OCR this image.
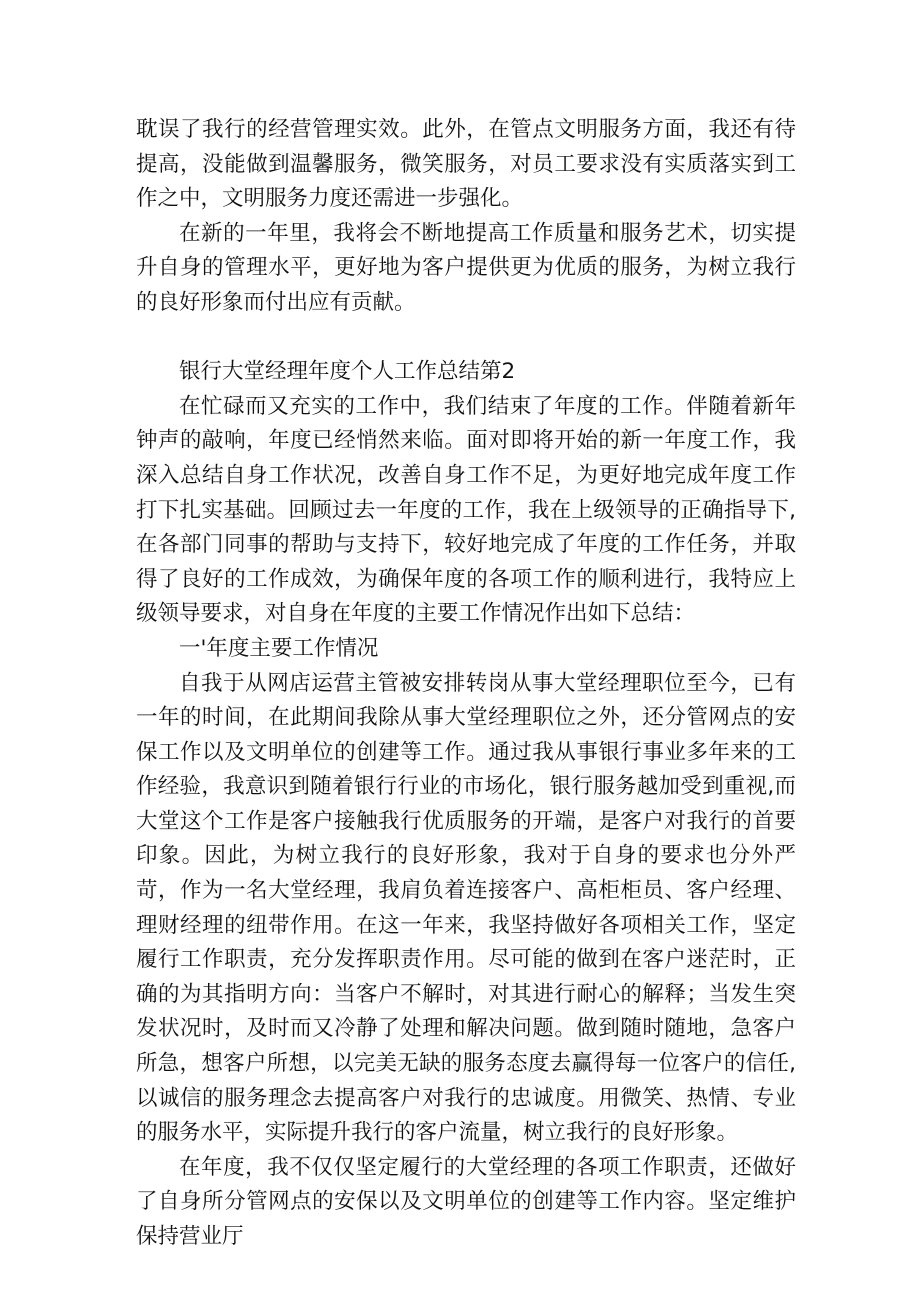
耽误了我行的经营管理实效。此外，在管点文明服务方面，我还有待提高，没能做到温馨服务，微笑服务，对员工要求没有实质落实到工作之中，文明服务力度还需进一步强化。

在新的一年里，我将会不断地提高工作质量和服务艺术，切实提升自身的管理水平，更好地为客户提供更为优质的服务，为树立我行的良好形象而付出应有贡献。

银行大堂经理年度个人工作总结第2

在忙碌而又充实的工作中，我们结束了年度的工作。伴随着新年钟声的敲响，年度已经悄然来临。面对即将开始的新一年度工作，我深入总结自身工作状况，改善自身工作不足，为更好地完成年度工作打下扎实基础。回顾过去一年度的工作，我在上级领导的正确指导下,在各部门同事的帮助与支持下，较好地完成了年度的工作任务，并取得了良好的工作成效，为确保年度的各项工作的顺利进行，我特应上级领导要求，对自身在年度的主要工作情况作出如下总结：

一'年度主要工作情况

自我于从网店运营主管被安排转岗从事大堂经理职位至今，已有一年的时间，在此期间我除从事大堂经理职位之外，还分管网点的安保工作以及文明单位的创建等工作。通过我从事银行事业多年来的工作经验，我意识到随着银行行业的市场化，银行服务越加受到重视,而大堂这个工作是客户接触我行优质服务的开端，是客户对我行的首要印象。因此，为树立我行的良好形象，我对于自身的要求也分外严苛，作为一名大堂经理，我肩负着连接客户、高柜柜员、客户经理、理财经理的纽带作用。在这一年来，我坚持做好各项相关工作，坚定履行工作职责，充分发挥职责作用。尽可能的做到在客户迷茫时，正确的为其指明方向：当客户不解时，对其进行耐心的解释；当发生突发状况时，及时而又冷静了处理和解决问题。做到随时随地，急客户所急，想客户所想，以完美无缺的服务态度去赢得每一位客户的信任,以诚信的服务理念去提高客户对我行的忠诚度。用微笑、热情、专业的服务水平，实际提升我行的客户流量，树立我行的良好形象。

在年度，我不仅仅坚定履行的大堂经理的各项工作职责，还做好了自身所分管网点的安保以及文明单位的创建等工作内容。坚定维护保持营业厅
